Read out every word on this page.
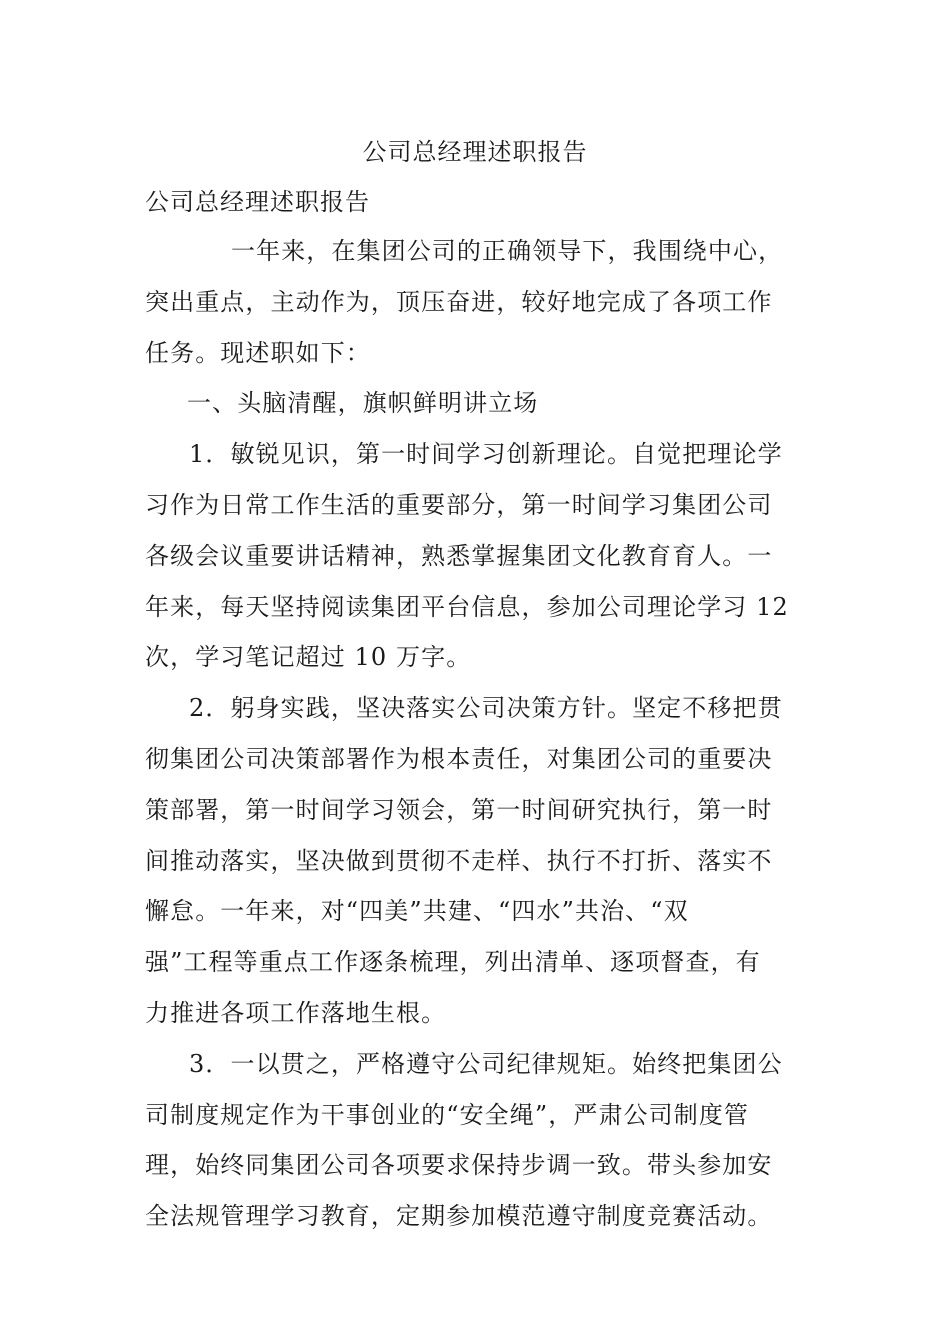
公司总经理述职报告
公司总经理述职报告
一年来，在集团公司的正确领导下，我围绕中心，
突出重点，主动作为，顶压奋进，较好地完成了各项工作
任务。现述职如下：
一、头脑清醒，旗帜鲜明讲立场
1．敏锐见识，第一时间学习创新理论。自觉把理论学
习作为日常工作生活的重要部分，第一时间学习集团公司
各级会议重要讲话精神，熟悉掌握集团文化教育育人。一
年来，每天坚持阅读集团平台信息，参加公司理论学习 12
次，学习笔记超过 10 万字。
2．躬身实践，坚决落实公司决策方针。坚定不移把贯
彻集团公司决策部署作为根本责任，对集团公司的重要决
策部署，第一时间学习领会，第一时间研究执行，第一时
间推动落实，坚决做到贯彻不走样、执行不打折、落实不
懈怠。一年来，对“四美”共建、“四水”共治、“双
强”工程等重点工作逐条梳理，列出清单、逐项督查，有
力推进各项工作落地生根。
3．一以贯之，严格遵守公司纪律规矩。始终把集团公
司制度规定作为干事创业的“安全绳”，严肃公司制度管
理，始终同集团公司各项要求保持步调一致。带头参加安
全法规管理学习教育，定期参加模范遵守制度竞赛活动。
